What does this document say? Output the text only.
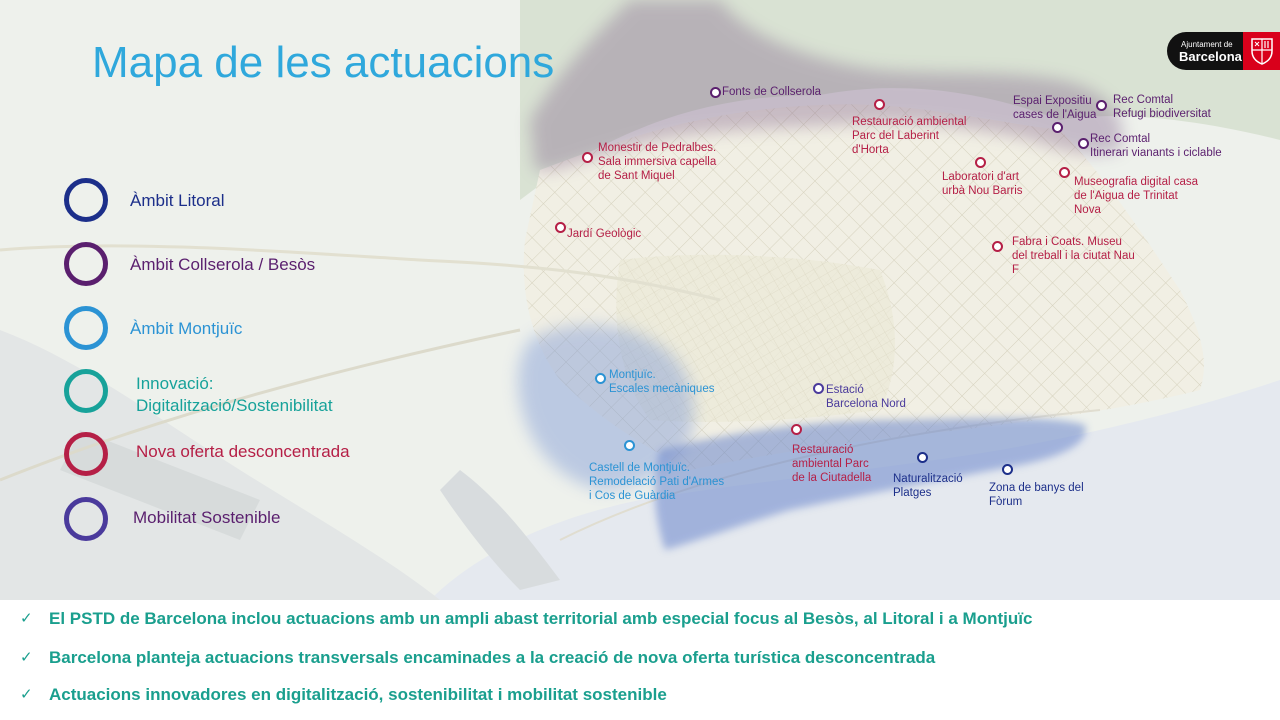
Mapa de les actuacions	Ajuntament de
Barcelona
Àmbit Litoral
Àmbit Collserola / Besòs
Àmbit Montjuïc
Innovació:
Digitalització/Sostenibilitat
Nova oferta desconcentrada
Mobilitat Sostenible
Fonts de Collserola
Monestir de Pedralbes.
Sala immersiva capella
de Sant Miquel
Jardí Geològic
Restauració ambiental
Parc del Laberint
d'Horta
Espai Expositiu
cases de l'Aigua
Rec Comtal
Refugi biodiversitat
Rec Comtal
Itinerari vianants i ciclable
Laboratori d'art
urbà Nou Barris
Museografia digital casa
de l'Aigua de Trinitat
Nova
Fabra i Coats. Museu
del treball i la ciutat Nau
F
Montjuïc.
Escales mecàniques	Estació
Barcelona Nord
Castell de Montjuïc.
Remodelació Pati d'Armes
i Cos de Guàrdia
Restauració
ambiental Parc
de la Ciutadella Naturalització
Platges	Zona de banys del
Fòrum
✓ El PSTD de Barcelona inclou actuacions amb un ampli abast territorial amb especial focus al Besòs, al Litoral i a Montjuïc
✓ Barcelona planteja actuacions transversals encaminades a la creació de nova oferta turística desconcentrada
✓ Actuacions innovadores en digitalització, sostenibilitat i mobilitat sostenible
